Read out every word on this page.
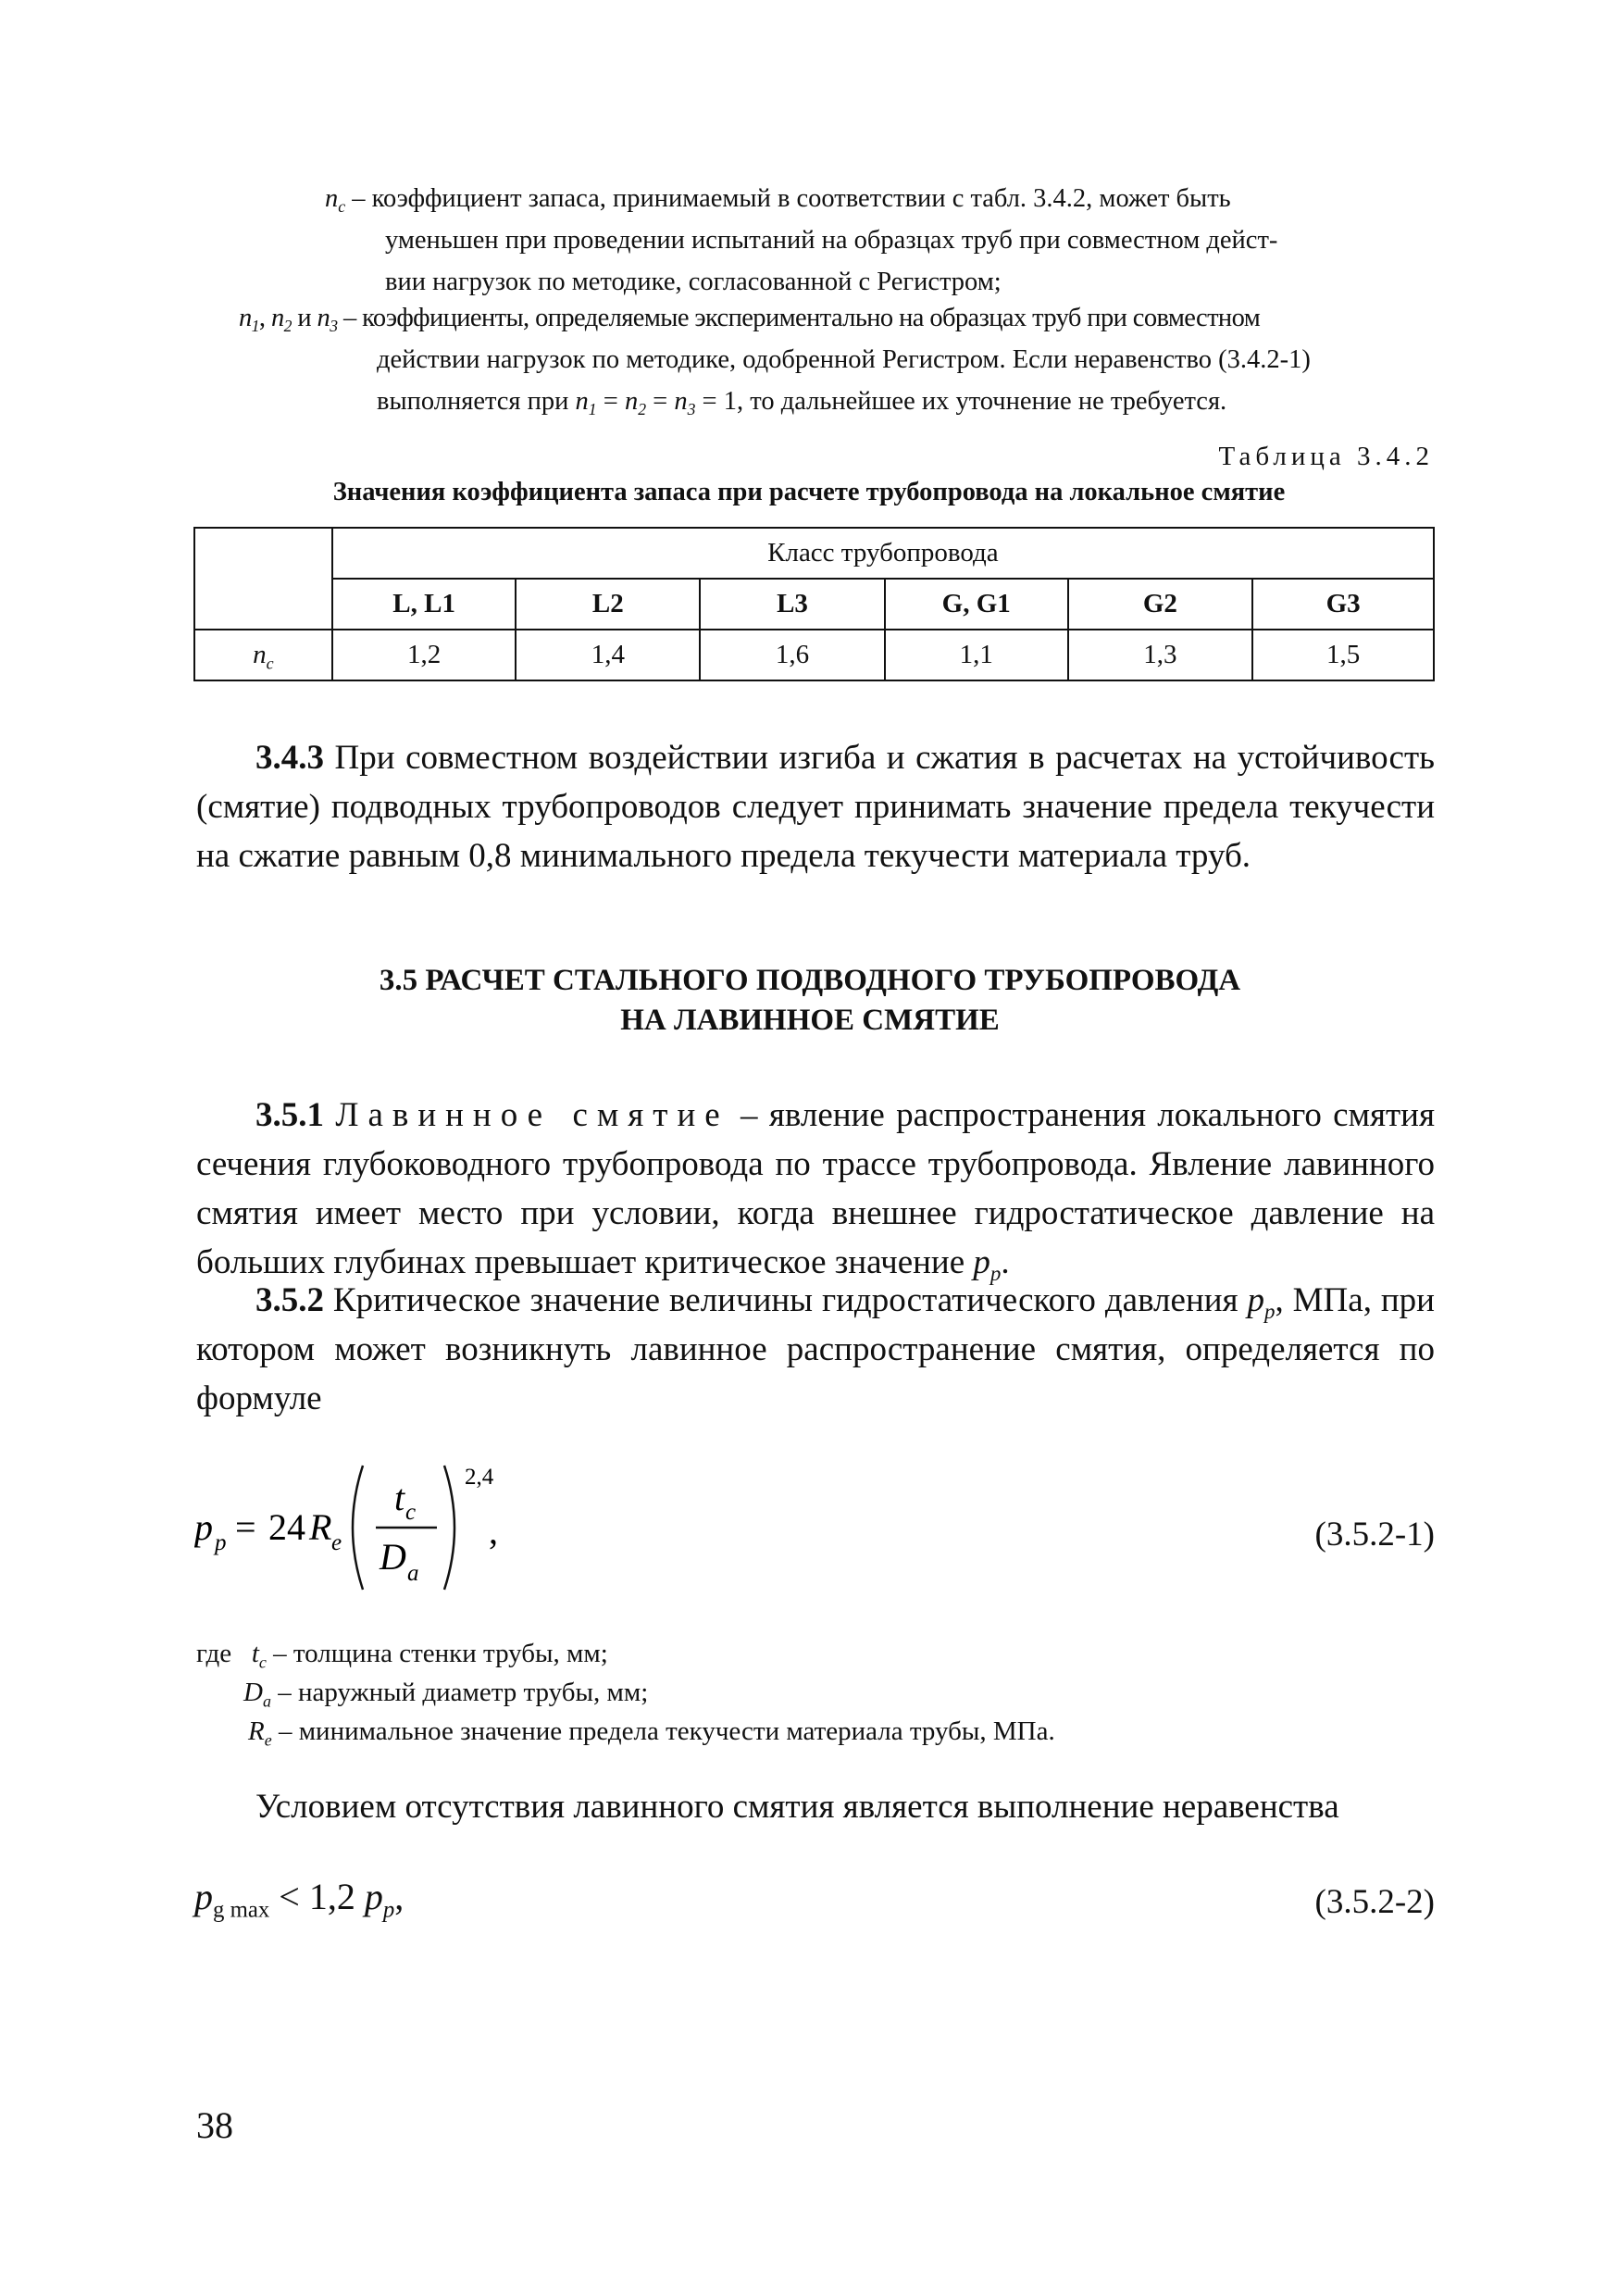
$n_c$ – коэффициент запаса, принимаемый в соответствии с табл. 3.4.2, может быть
уменьшен при проведении испытаний на образцах труб при совместном дейст-
вии нагрузок по методике, согласованной с Регистром;
$n_1$, $n_2$ и $n_3$ – коэффициенты, определяемые экспериментально на образцах труб при совместном
действии нагрузок по методике, одобренной Регистром. Если неравенство (3.4.2-1)
выполняется при $n_1 = n_2 = n_3 = 1$, то дальнейшее их уточнение не требуется.
Таблица 3.4.2
Значения коэффициента запаса при расчете трубопровода на локальное смятие
	Класс трубопровода					
	L, L1	L2	L3	G, G1	G2	G3
$n_c$	1,2	1,4	1,6	1,1	1,3	1,5
3.4.3 При совместном воздействии изгиба и сжатия в расчетах на устойчивость (смятие) подводных трубопроводов следует принимать значение предела текучести на сжатие равным 0,8 минимального предела текучести материала труб.
3.5 РАСЧЕТ СТАЛЬНОГО ПОДВОДНОГО ТРУБОПРОВОДА
НА ЛАВИННОЕ СМЯТИЕ
3.5.1 Лавинное смятие – явление распространения локального смятия сечения глубоководного трубопровода по трассе трубопровода. Явление лавинного смятия имеет место при условии, когда внешнее гидростатическое давление на больших глубинах превышает критическое значение $p_p$.
3.5.2 Критическое значение величины гидростатического давления $p_p$, МПа, при котором может возникнуть лавинное распространение смятия, определяется по формуле
p p = 24 R e
t c
D a
2,4
,	(3.5.2-1)
где $t_c$ – толщина стенки трубы, мм;
$D_a$ – наружный диаметр трубы, мм;
$R_e$ – минимальное значение предела текучести материала трубы, МПа.
Условием отсутствия лавинного смятия является выполнение неравенства
$p_{g max} < 1,2$ $p_p$,	(3.5.2-2)
38
